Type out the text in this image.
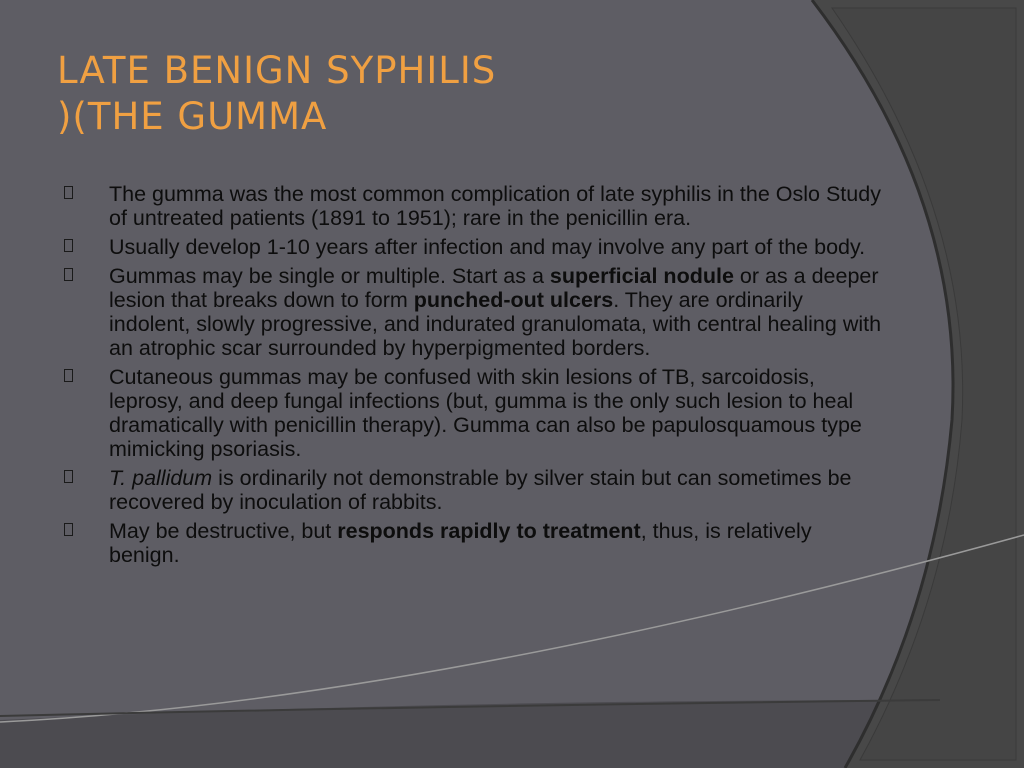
LATE BENIGN SYPHILIS
)(THE GUMMA
The gumma was the most common complication of late syphilis in the Oslo Study of untreated patients (1891 to 1951); rare in the penicillin era.
Usually develop 1-10 years after infection and may involve any part of the body.
Gummas may be single or multiple. Start as a superficial nodule or as a deeper lesion that breaks down to form punched-out ulcers. They are ordinarily indolent, slowly progressive, and indurated granulomata, with central healing with an atrophic scar surrounded by hyperpigmented borders.
Cutaneous gummas may be confused with skin lesions of TB, sarcoidosis, leprosy, and deep fungal infections (but, gumma is the only such lesion to heal dramatically with penicillin therapy). Gumma can also be papulosquamous type mimicking psoriasis.
T. pallidum is ordinarily not demonstrable by silver stain but can sometimes be recovered by inoculation of rabbits.
May be destructive, but responds rapidly to treatment, thus, is relatively benign.
